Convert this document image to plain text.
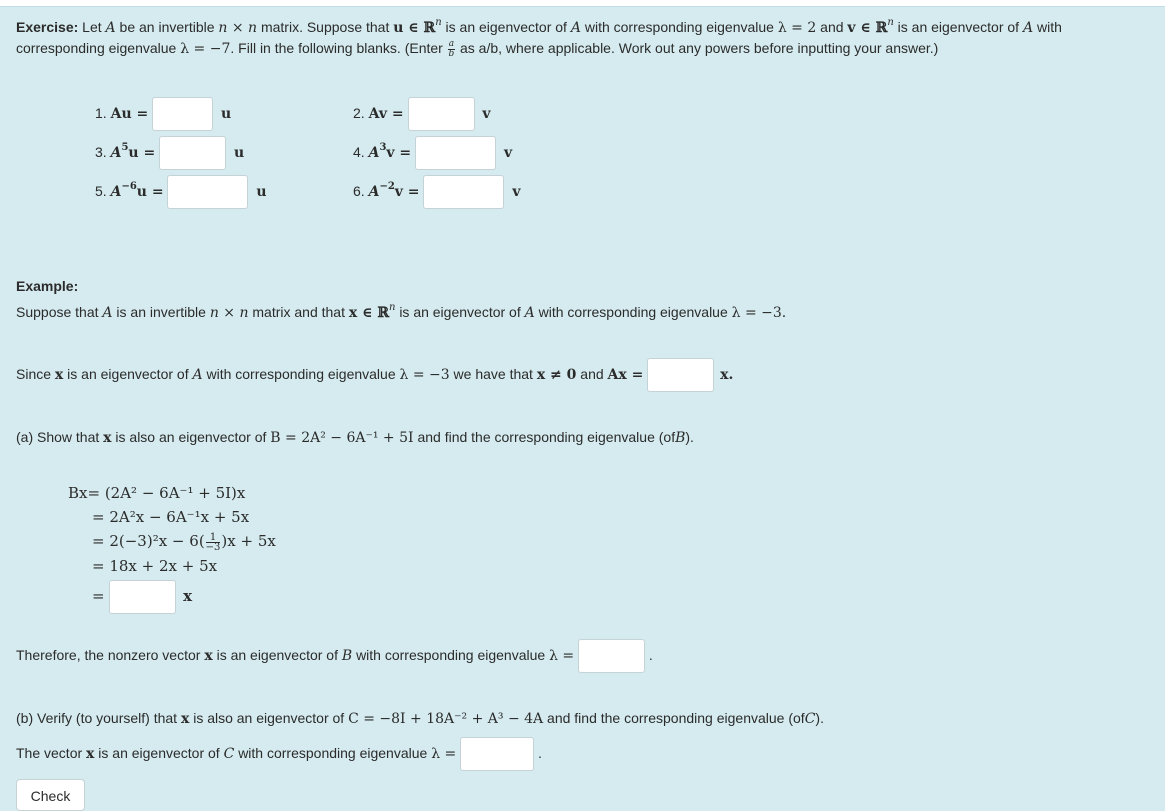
Exercise: Let A be an invertible n × n matrix. Suppose that u ∈ ℝ$^n$ is an eigenvector of A with corresponding eigenvalue λ = 2 and v ∈ ℝ$^n$ is an eigenvector of A with
corresponding eigenvalue λ = −7. Fill in the following blanks. (Enter $\frac{a}{b}$ as a/b, where applicable. Work out any powers before inputting your answer.)
1. Au =	u	2. Av =	v
3. $A^5u$ =	u	4. $A^3v$ =	v
5. $A^{-6}u$ =	u	6. $A^{-2}v$ =	v
Example:
Suppose that A is an invertible n × n matrix and that x ∈ ℝ$^n$ is an eigenvector of A with corresponding eigenvalue λ = −3.
Since x is an eigenvector of A with corresponding eigenvalue λ = −3 we have that x ≠ 0 and Ax =	x.
(a) Show that x is also an eigenvector of B = 2A² − 6A⁻¹ + 5I and find the corresponding eigenvalue (ofB).
Bx= (2A² − 6A⁻¹ + 5I)x
= 2A²x − 6A⁻¹x + 5x
= $2(-3)^2x - 6( \frac{1}{-3} )x + 5x$
= 18x + 2x + 5x
=	x
Therefore, the nonzero vector x is an eigenvector of B with corresponding eigenvalue λ =	.
(b) Verify (to yourself) that x is also an eigenvector of C = −8I + 18A⁻² + A³ − 4A and find the corresponding eigenvalue (ofC).
The vector x is an eigenvector of C with corresponding eigenvalue λ =	.
Check
